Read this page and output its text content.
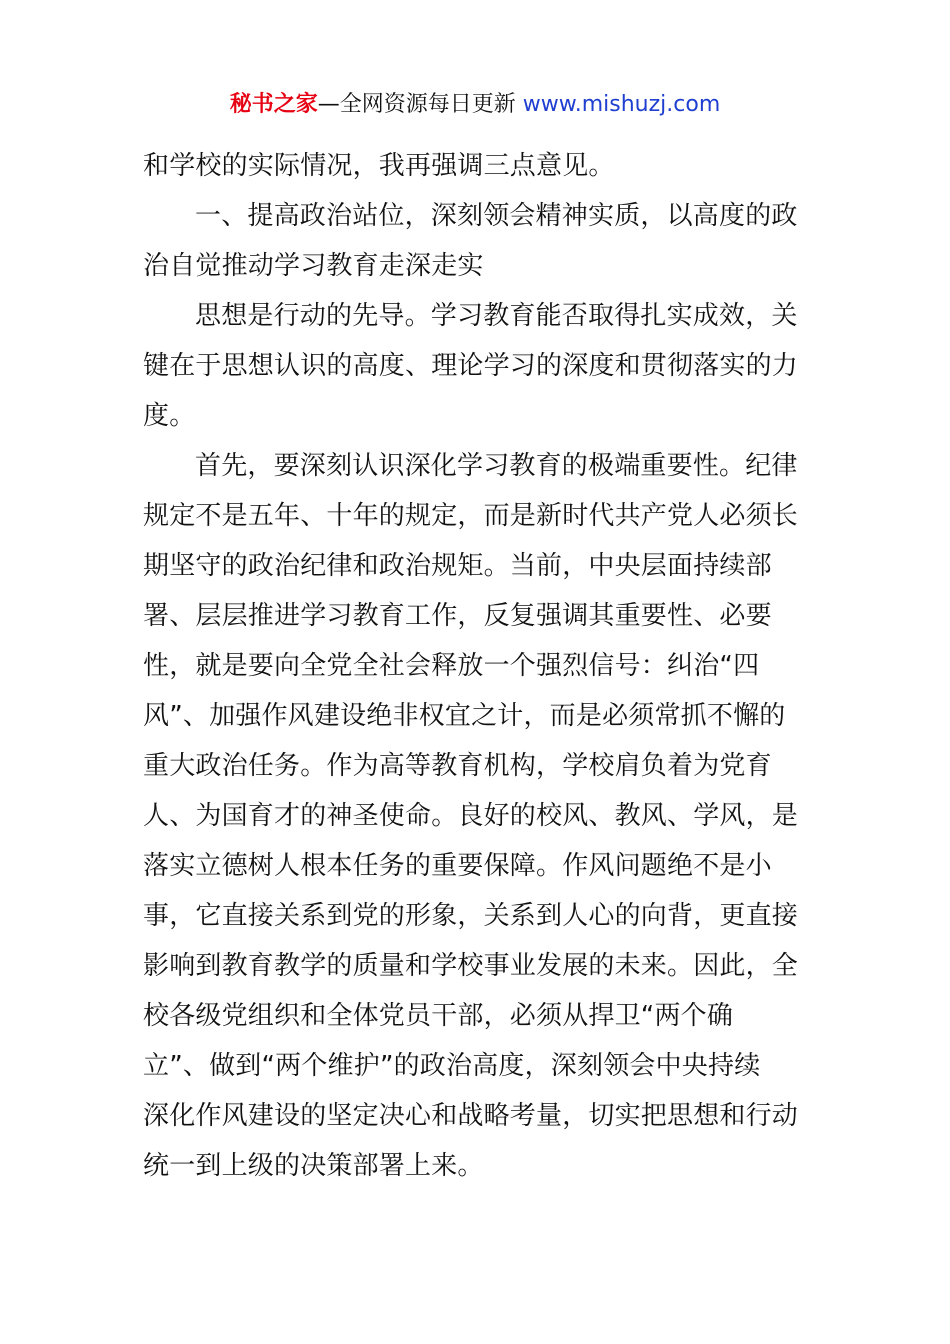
秘书之家—全网资源每日更新 www.mishuzj.com
和学校的实际情况，我再强调三点意见。
一、提高政治站位，深刻领会精神实质，以高度的政
治自觉推动学习教育走深走实
思想是行动的先导。学习教育能否取得扎实成效，关
键在于思想认识的高度、理论学习的深度和贯彻落实的力
度。
首先，要深刻认识深化学习教育的极端重要性。纪律
规定不是五年、十年的规定，而是新时代共产党人必须长
期坚守的政治纪律和政治规矩。当前，中央层面持续部
署、层层推进学习教育工作，反复强调其重要性、必要
性，就是要向全党全社会释放一个强烈信号：纠治“四
风”、加强作风建设绝非权宜之计，而是必须常抓不懈的
重大政治任务。作为高等教育机构，学校肩负着为党育
人、为国育才的神圣使命。良好的校风、教风、学风，是
落实立德树人根本任务的重要保障。作风问题绝不是小
事，它直接关系到党的形象，关系到人心的向背，更直接
影响到教育教学的质量和学校事业发展的未来。因此，全
校各级党组织和全体党员干部，必须从捍卫“两个确
立”、做到“两个维护”的政治高度，深刻领会中央持续
深化作风建设的坚定决心和战略考量，切实把思想和行动
统一到上级的决策部署上来。
